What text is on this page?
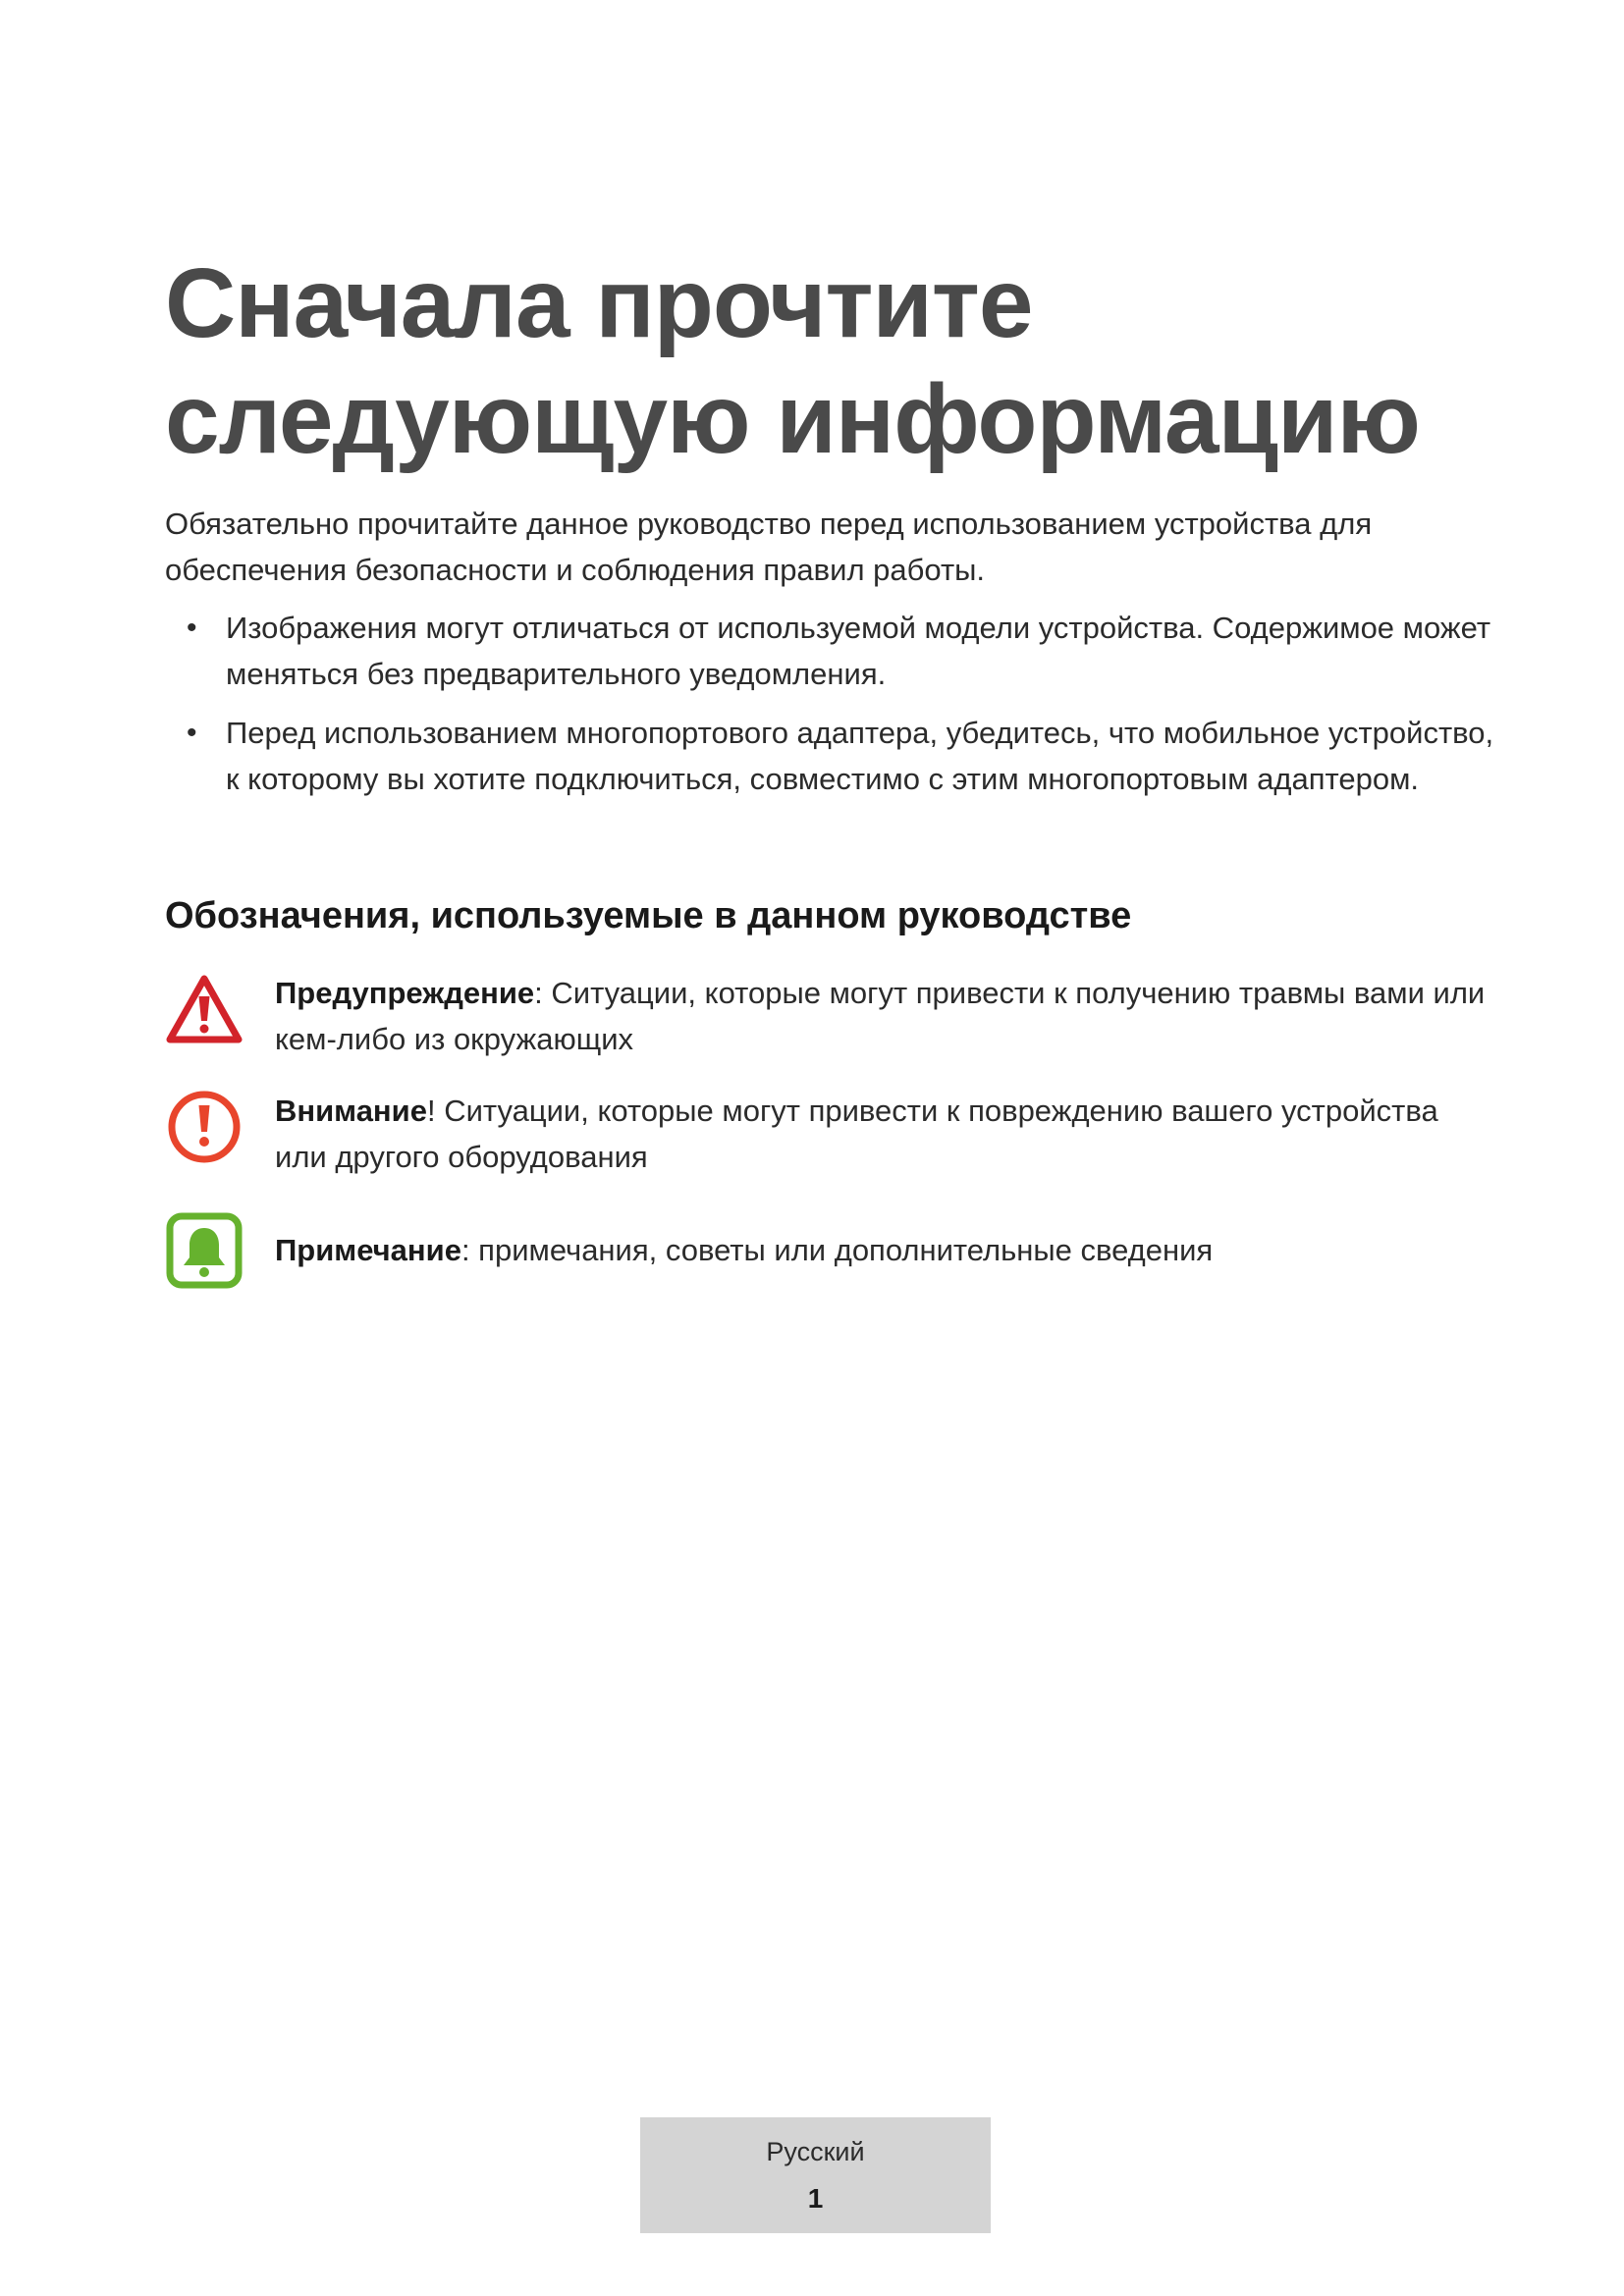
Сначала прочтите следующую информацию

Обязательно прочитайте данное руководство перед использованием устройства для обеспечения безопасности и соблюдения правил работы.

• Изображения могут отличаться от используемой модели устройства. Содержимое может меняться без предварительного уведомления.
• Перед использованием многопортового адаптера, убедитесь, что мобильное устройство, к которому вы хотите подключиться, совместимо с этим многопортовым адаптером.
Обозначения, используемые в данном руководстве

Предупреждение: Ситуации, которые могут привести к получению травмы вами или кем-либо из окружающих

Внимание! Ситуации, которые могут привести к повреждению вашего устройства или другого оборудования

Примечание: примечания, советы или дополнительные сведения

Русский
1
